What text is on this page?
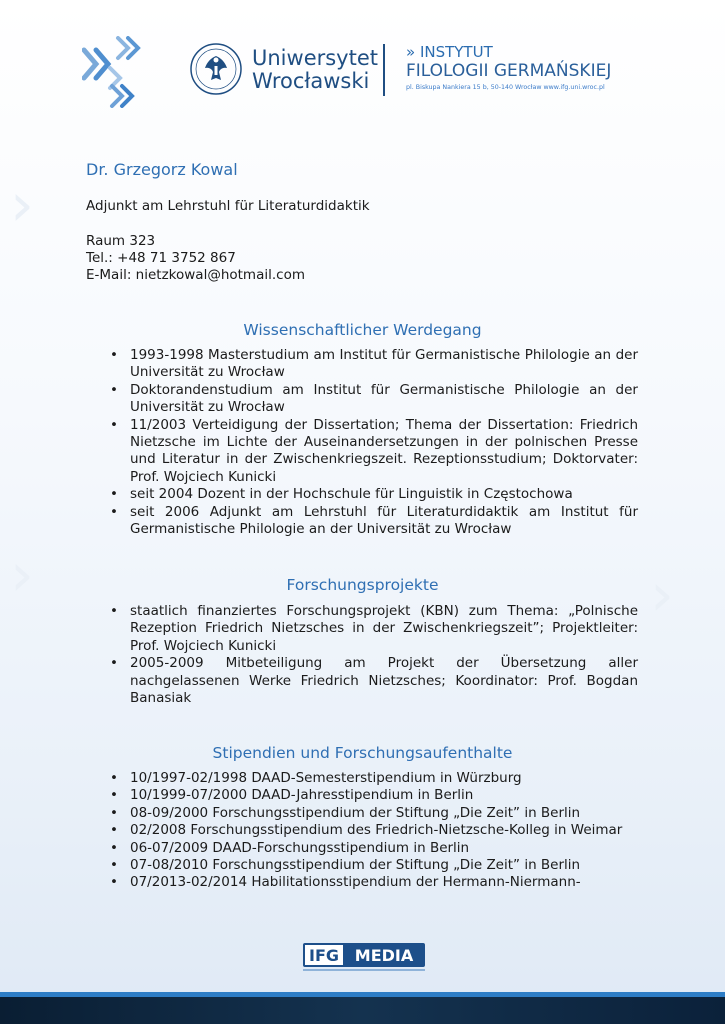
›
›	›
Uniwersytet
Wrocławski
» INSTYTUT
FILOLOGII GERMAŃSKIEJ
pl. Biskupa Nankiera 15 b, 50-140 Wrocław www.ifg.uni.wroc.pl
Dr. Grzegorz Kowal
Adjunkt am Lehrstuhl für Literaturdidaktik
Raum 323
Tel.: +48 71 3752 867
E-Mail: nietzkowal@hotmail.com
Wissenschaftlicher Werdegang
• 1993-1998 Masterstudium am Institut für Germanistische Philologie an der Universität zu Wrocław
• Doktorandenstudium am Institut für Germanistische Philologie an der Universität zu Wrocław
• 11/2003 Verteidigung der Dissertation; Thema der Dissertation: Friedrich Nietzsche im Lichte der Auseinandersetzungen in der polnischen Presse und Literatur in der Zwischenkriegszeit. Rezeptionsstudium; Doktorvater: Prof. Wojciech Kunicki
• seit 2004 Dozent in der Hochschule für Linguistik in Częstochowa
• seit 2006 Adjunkt am Lehrstuhl für Literaturdidaktik am Institut für Germanistische Philologie an der Universität zu Wrocław
Forschungsprojekte
• staatlich finanziertes Forschungsprojekt (KBN) zum Thema: „Polnische Rezeption Friedrich Nietzsches in der Zwischenkriegszeit”; Projektleiter: Prof. Wojciech Kunicki
• 2005-2009 Mitbeteiligung am Projekt der Übersetzung aller nachgelassenen Werke Friedrich Nietzsches; Koordinator: Prof. Bogdan Banasiak
Stipendien und Forschungsaufenthalte
• 10/1997-02/1998 DAAD-Semesterstipendium in Würzburg
• 10/1999-07/2000 DAAD-Jahresstipendium in Berlin
• 08-09/2000 Forschungsstipendium der Stiftung „Die Zeit” in Berlin
• 02/2008 Forschungsstipendium des Friedrich-Nietzsche-Kolleg in Weimar
• 06-07/2009 DAAD-Forschungsstipendium in Berlin
• 07-08/2010 Forschungsstipendium der Stiftung „Die Zeit” in Berlin
• 07/2013-02/2014 Habilitationsstipendium der Hermann-Niermann-
IFG MEDIA
